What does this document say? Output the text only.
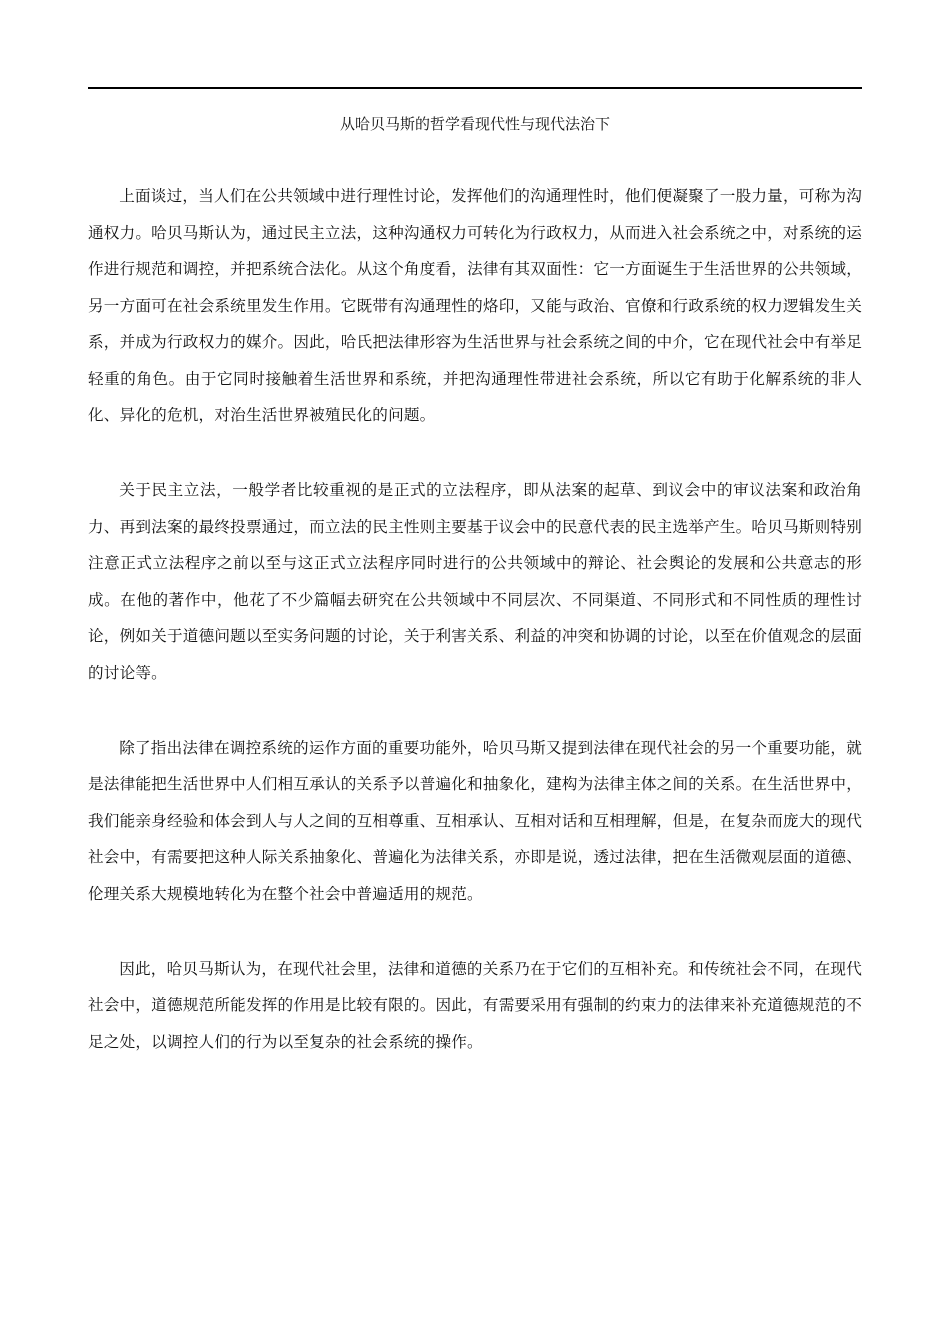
从哈贝马斯的哲学看现代性与现代法治下

上面谈过，当人们在公共领域中进行理性讨论，发挥他们的沟通理性时，他们便凝聚了一股力量，可称为沟通权力。哈贝马斯认为，通过民主立法，这种沟通权力可转化为行政权力，从而进入社会系统之中，对系统的运作进行规范和调控，并把系统合法化。从这个角度看，法律有其双面性：它一方面诞生于生活世界的公共领域，另一方面可在社会系统里发生作用。它既带有沟通理性的烙印，又能与政治、官僚和行政系统的权力逻辑发生关系，并成为行政权力的媒介。因此，哈氏把法律形容为生活世界与社会系统之间的中介，它在现代社会中有举足轻重的角色。由于它同时接触着生活世界和系统，并把沟通理性带进社会系统，所以它有助于化解系统的非人化、异化的危机，对治生活世界被殖民化的问题。

关于民主立法，一般学者比较重视的是正式的立法程序，即从法案的起草、到议会中的审议法案和政治角力、再到法案的最终投票通过，而立法的民主性则主要基于议会中的民意代表的民主选举产生。哈贝马斯则特别注意正式立法程序之前以至与这正式立法程序同时进行的公共领域中的辩论、社会舆论的发展和公共意志的形成。在他的著作中，他花了不少篇幅去研究在公共领域中不同层次、不同渠道、不同形式和不同性质的理性讨论，例如关于道德问题以至实务问题的讨论，关于利害关系、利益的冲突和协调的讨论，以至在价值观念的层面的讨论等。

除了指出法律在调控系统的运作方面的重要功能外，哈贝马斯又提到法律在现代社会的另一个重要功能，就是法律能把生活世界中人们相互承认的关系予以普遍化和抽象化，建构为法律主体之间的关系。在生活世界中，我们能亲身经验和体会到人与人之间的互相尊重、互相承认、互相对话和互相理解，但是，在复杂而庞大的现代社会中，有需要把这种人际关系抽象化、普遍化为法律关系，亦即是说，透过法律，把在生活微观层面的道德、伦理关系大规模地转化为在整个社会中普遍适用的规范。

因此，哈贝马斯认为，在现代社会里，法律和道德的关系乃在于它们的互相补充。和传统社会不同，在现代社会中，道德规范所能发挥的作用是比较有限的。因此，有需要采用有强制的约束力的法律来补充道德规范的不足之处，以调控人们的行为以至复杂的社会系统的操作。
